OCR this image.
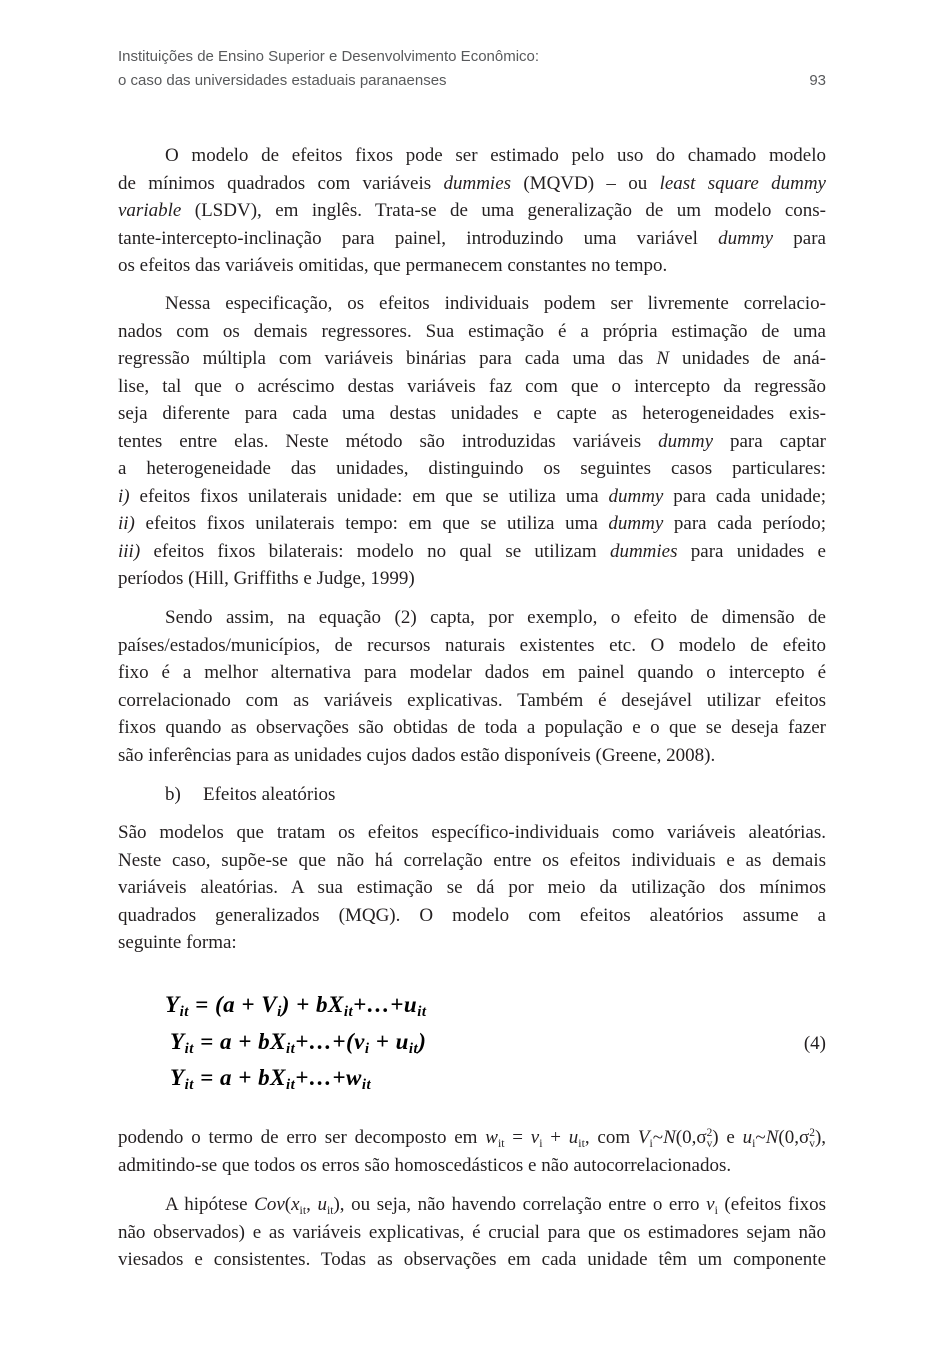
Instituições de Ensino Superior e Desenvolvimento Econômico:
o caso das universidades estaduais paranaenses	93
O modelo de efeitos fixos pode ser estimado pelo uso do chamado modelo
de mínimos quadrados com variáveis dummies (MQVD) – ou least square dummy
variable (LSDV), em inglês. Trata-se de uma generalização de um modelo cons-
tante-intercepto-inclinação para painel, introduzindo uma variável dummy para
os efeitos das variáveis omitidas, que permanecem constantes no tempo.
Nessa especificação, os efeitos individuais podem ser livremente correlacio-
nados com os demais regressores. Sua estimação é a própria estimação de uma
regressão múltipla com variáveis binárias para cada uma das N unidades de aná-
lise, tal que o acréscimo destas variáveis faz com que o intercepto da regressão
seja diferente para cada uma destas unidades e capte as heterogeneidades exis-
tentes entre elas. Neste método são introduzidas variáveis dummy para captar
a heterogeneidade das unidades, distinguindo os seguintes casos particulares:
i) efeitos fixos unilaterais unidade: em que se utiliza uma dummy para cada unidade;
ii) efeitos fixos unilaterais tempo: em que se utiliza uma dummy para cada período;
iii) efeitos fixos bilaterais: modelo no qual se utilizam dummies para unidades e
períodos (Hill, Griffiths e Judge, 1999)
Sendo assim, na equação (2) capta, por exemplo, o efeito de dimensão de
países/estados/municípios, de recursos naturais existentes etc. O modelo de efeito
fixo é a melhor alternativa para modelar dados em painel quando o intercepto é
correlacionado com as variáveis explicativas. Também é desejável utilizar efeitos
fixos quando as observações são obtidas de toda a população e o que se deseja fazer
são inferências para as unidades cujos dados estão disponíveis (Greene, 2008).
b) Efeitos aleatórios
São modelos que tratam os efeitos específico-individuais como variáveis aleatórias.
Neste caso, supõe-se que não há correlação entre os efeitos individuais e as demais
variáveis aleatórias. A sua estimação se dá por meio da utilização dos mínimos
quadrados generalizados (MQG). O modelo com efeitos aleatórios assume a
seguinte forma:
Yit = (a + Vi) + bXit+…+uit
Yit = a + bXit+…+(vi + uit)
Yit = a + bXit+…+wit
(4)
podendo o termo de erro ser decomposto em wit = vi + uit, com $Vi\sim N(0,\sigma^2_v)$ e $ui\sim N(0,\sigma^2_v)$,
admitindo-se que todos os erros são homoscedásticos e não autocorrelacionados.
A hipótese Cov(xit, uit), ou seja, não havendo correlação entre o erro vi (efeitos fixos
não observados) e as variáveis explicativas, é crucial para que os estimadores sejam não
viesados e consistentes. Todas as observações em cada unidade têm um componente
